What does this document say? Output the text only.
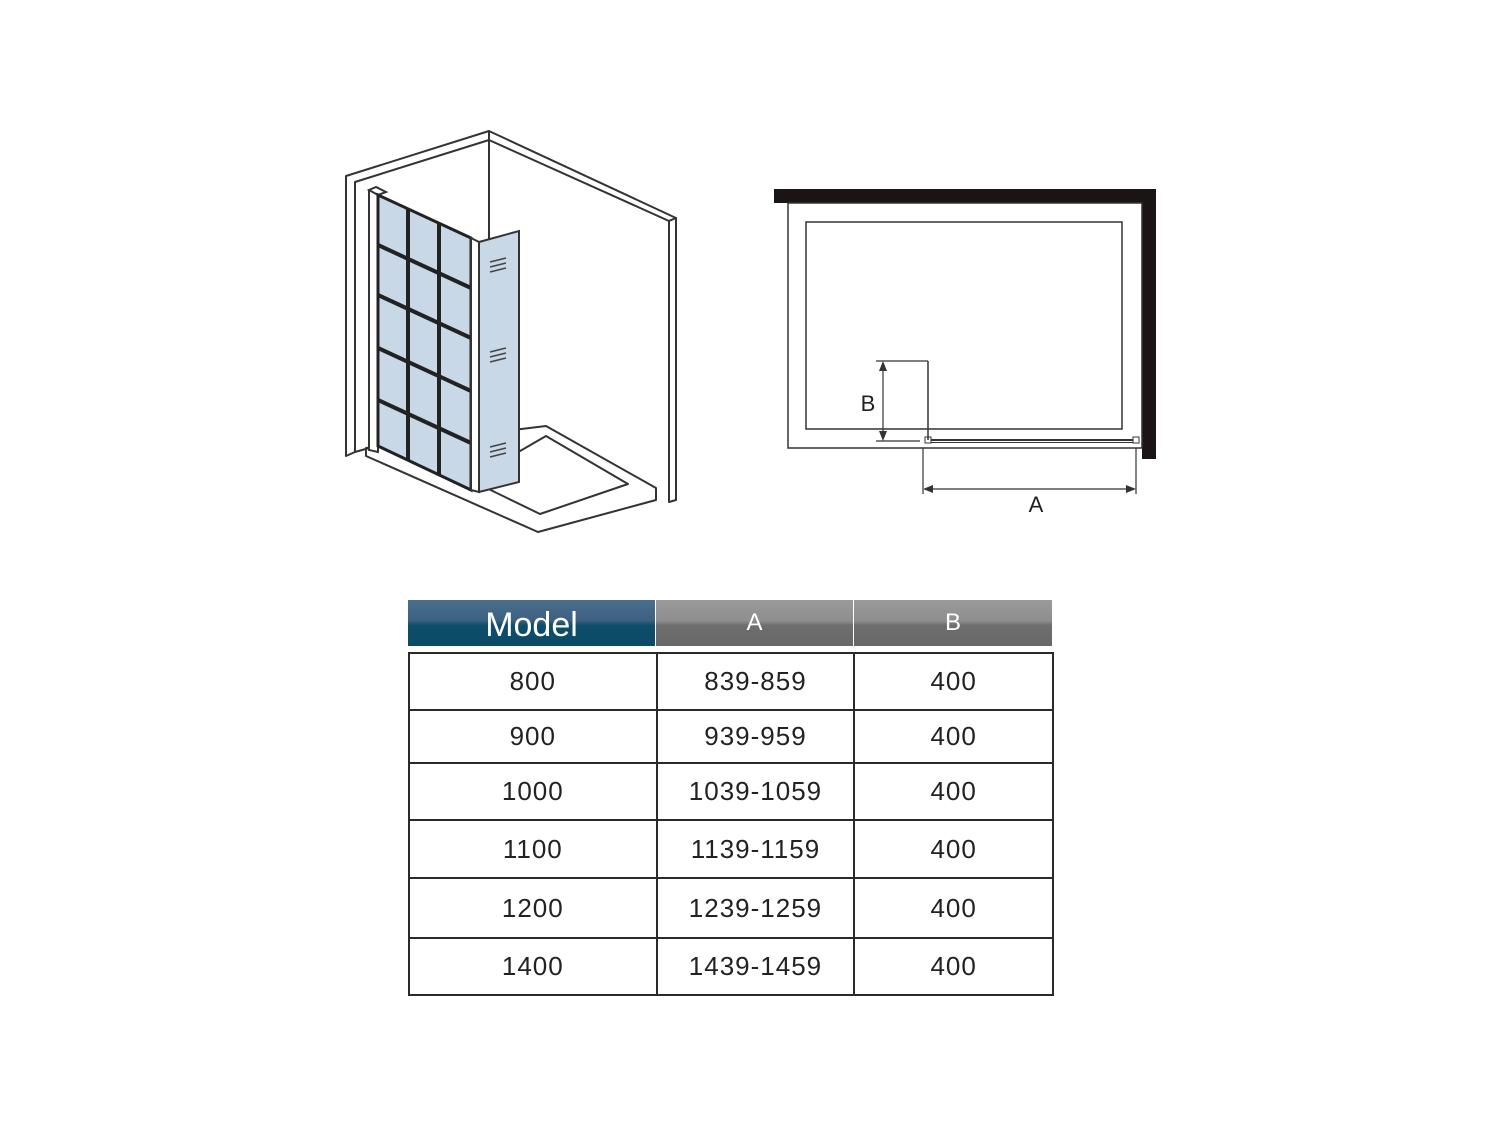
A
B
Model	A	B
800	839-859	400
900	939-959	400
1000	1039-1059	400
1100	1139-1159	400
1200	1239-1259	400
1400	1439-1459	400
